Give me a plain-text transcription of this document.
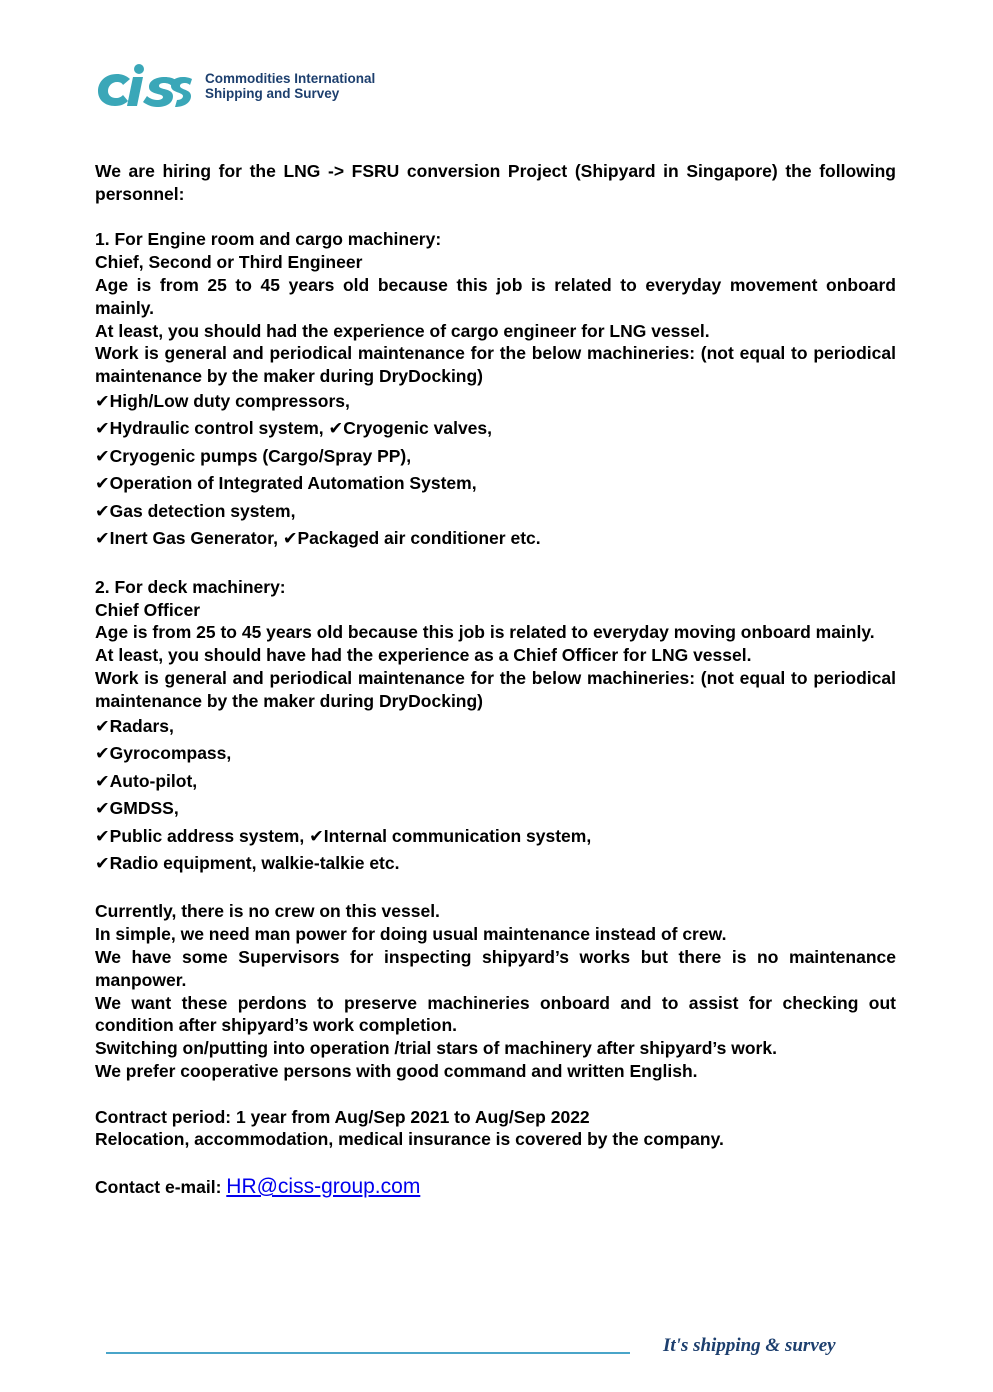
Commodities International
Shipping and Survey

We are hiring for the LNG -> FSRU conversion Project (Shipyard in Singapore) the following personnel:

1. For Engine room and cargo machinery:

Chief, Second or Third Engineer

Age is from 25 to 45 years old because this job is related to everyday movement onboard mainly.

At least, you should had the experience of cargo engineer for LNG vessel.

Work is general and periodical maintenance for the below machineries: (not equal to periodical maintenance by the maker during DryDocking)

✔High/Low duty compressors,
✔Hydraulic control system, ✔Cryogenic valves,
✔Cryogenic pumps (Cargo/Spray PP),
✔Operation of Integrated Automation System,
✔Gas detection system,
✔Inert Gas Generator, ✔Packaged air conditioner etc.

2. For deck machinery:

Chief Officer

Age is from 25 to 45 years old because this job is related to everyday moving onboard mainly.

At least, you should have had the experience as a Chief Officer for LNG vessel.

Work is general and periodical maintenance for the below machineries: (not equal to periodical maintenance by the maker during DryDocking)

✔Radars,
✔Gyrocompass,
✔Auto-pilot,
✔GMDSS,
✔Public address system, ✔Internal communication system,
✔Radio equipment, walkie-talkie etc.

Currently, there is no crew on this vessel.

In simple, we need man power for doing usual maintenance instead of crew.

We have some Supervisors for inspecting shipyard’s works but there is no maintenance manpower.

We want these perdons to preserve machineries onboard and to assist for checking out condition after shipyard’s work completion.

Switching on/putting into operation /trial stars of machinery after shipyard’s work.

We prefer cooperative persons with good command and written English.

Contract period: 1 year from Aug/Sep 2021 to Aug/Sep 2022

Relocation, accommodation, medical insurance is covered by the company.

Contact e-mail: HR@ciss-group.com

It's shipping & survey
